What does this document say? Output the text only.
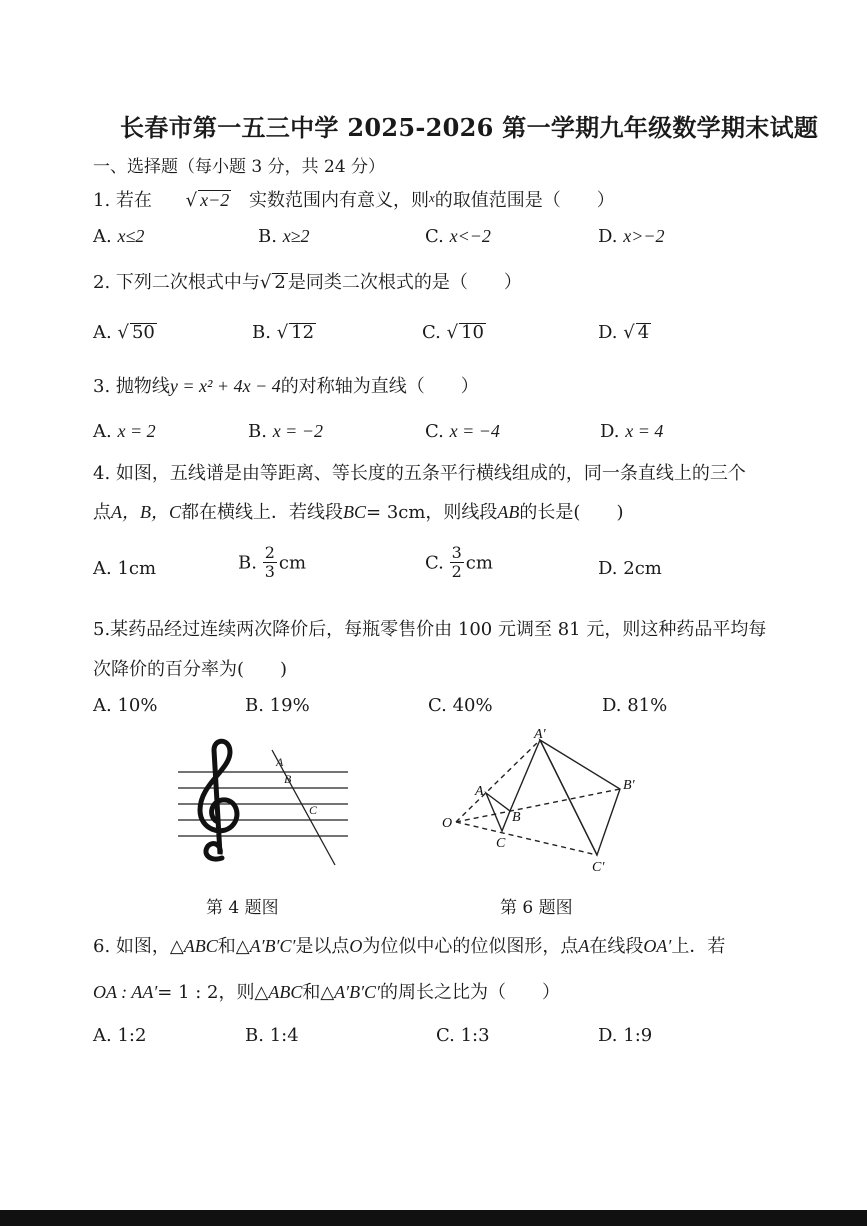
长春市第一五三中学 2025-2026 第一学期九年级数学期末试题
一、选择题（每小题 3 分，共 24 分）
1. 若在 √ x−2 实数范围内有意义，则$^x$的取值范围是（　　）
A. x≤2	B. x≥2	C. x<−2	D. x>−2
2. 下列二次根式中与√ 2 是同类二次根式的是（　　）
A. √ 50	B. √ 12	C. √ 10	D. √ 4
3. 抛物线y = x² + 4x − 4的对称轴为直线（　　）
A. x = 2	B. x = −2	C. x = −4	D. x = 4
4. 如图，五线谱是由等距离、等长度的五条平行横线组成的，同一条直线上的三个
点A，B，C都在横线上．若线段BC= 3cm，则线段AB的长是(　　)
A. 1cm	B. $\frac{2}{3}$ cm	C. $\frac{3}{2}$ cm	D. 2cm
5.某药品经过连续两次降价后，每瓶零售价由 100 元调至 81 元，则这种药品平均每
次降价的百分率为(　　)
A. 10%	B. 19%	C. 40%	D. 81%
A
B
C
第 4 题图
O
A
B
C
A′
B′
C′
第 6 题图
6. 如图，△ABC和△A′B′C′是以点O为位似中心的位似图形，点A在线段OA′上．若
OA : AA′= 1 : 2，则△ABC和△A′B′C′的周长之比为（　　）
A. 1:2	B. 1:4	C. 1:3	D. 1:9
